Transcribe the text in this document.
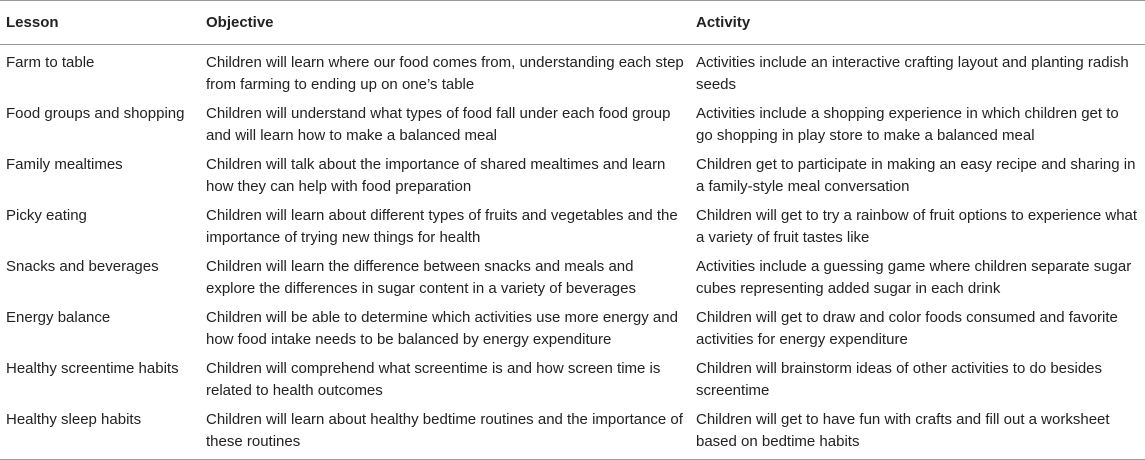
Lesson	Objective	Activity
Farm to table	Children will learn where our food comes from, understanding each step from farming to ending up on one’s table	Activities include an interactive crafting layout and planting radish seeds
Food groups and shopping	Children will understand what types of food fall under each food group and will learn how to make a balanced meal	Activities include a shopping experience in which children get to go shopping in play store to make a balanced meal
Family mealtimes	Children will talk about the importance of shared mealtimes and learn how they can help with food preparation	Children get to participate in making an easy recipe and sharing in a family-style meal conversation
Picky eating	Children will learn about different types of fruits and vegetables and the importance of trying new things for health	Children will get to try a rainbow of fruit options to experience what a variety of fruit tastes like
Snacks and beverages	Children will learn the difference between snacks and meals and explore the differences in sugar content in a variety of beverages	Activities include a guessing game where children separate sugar cubes representing added sugar in each drink
Energy balance	Children will be able to determine which activities use more energy and how food intake needs to be balanced by energy expenditure	Children will get to draw and color foods consumed and favorite activities for energy expenditure
Healthy screentime habits	Children will comprehend what screentime is and how screen time is related to health outcomes	Children will brainstorm ideas of other activities to do besides screentime
Healthy sleep habits	Children will learn about healthy bedtime routines and the importance of these routines	Children will get to have fun with crafts and fill out a worksheet based on bedtime habits
